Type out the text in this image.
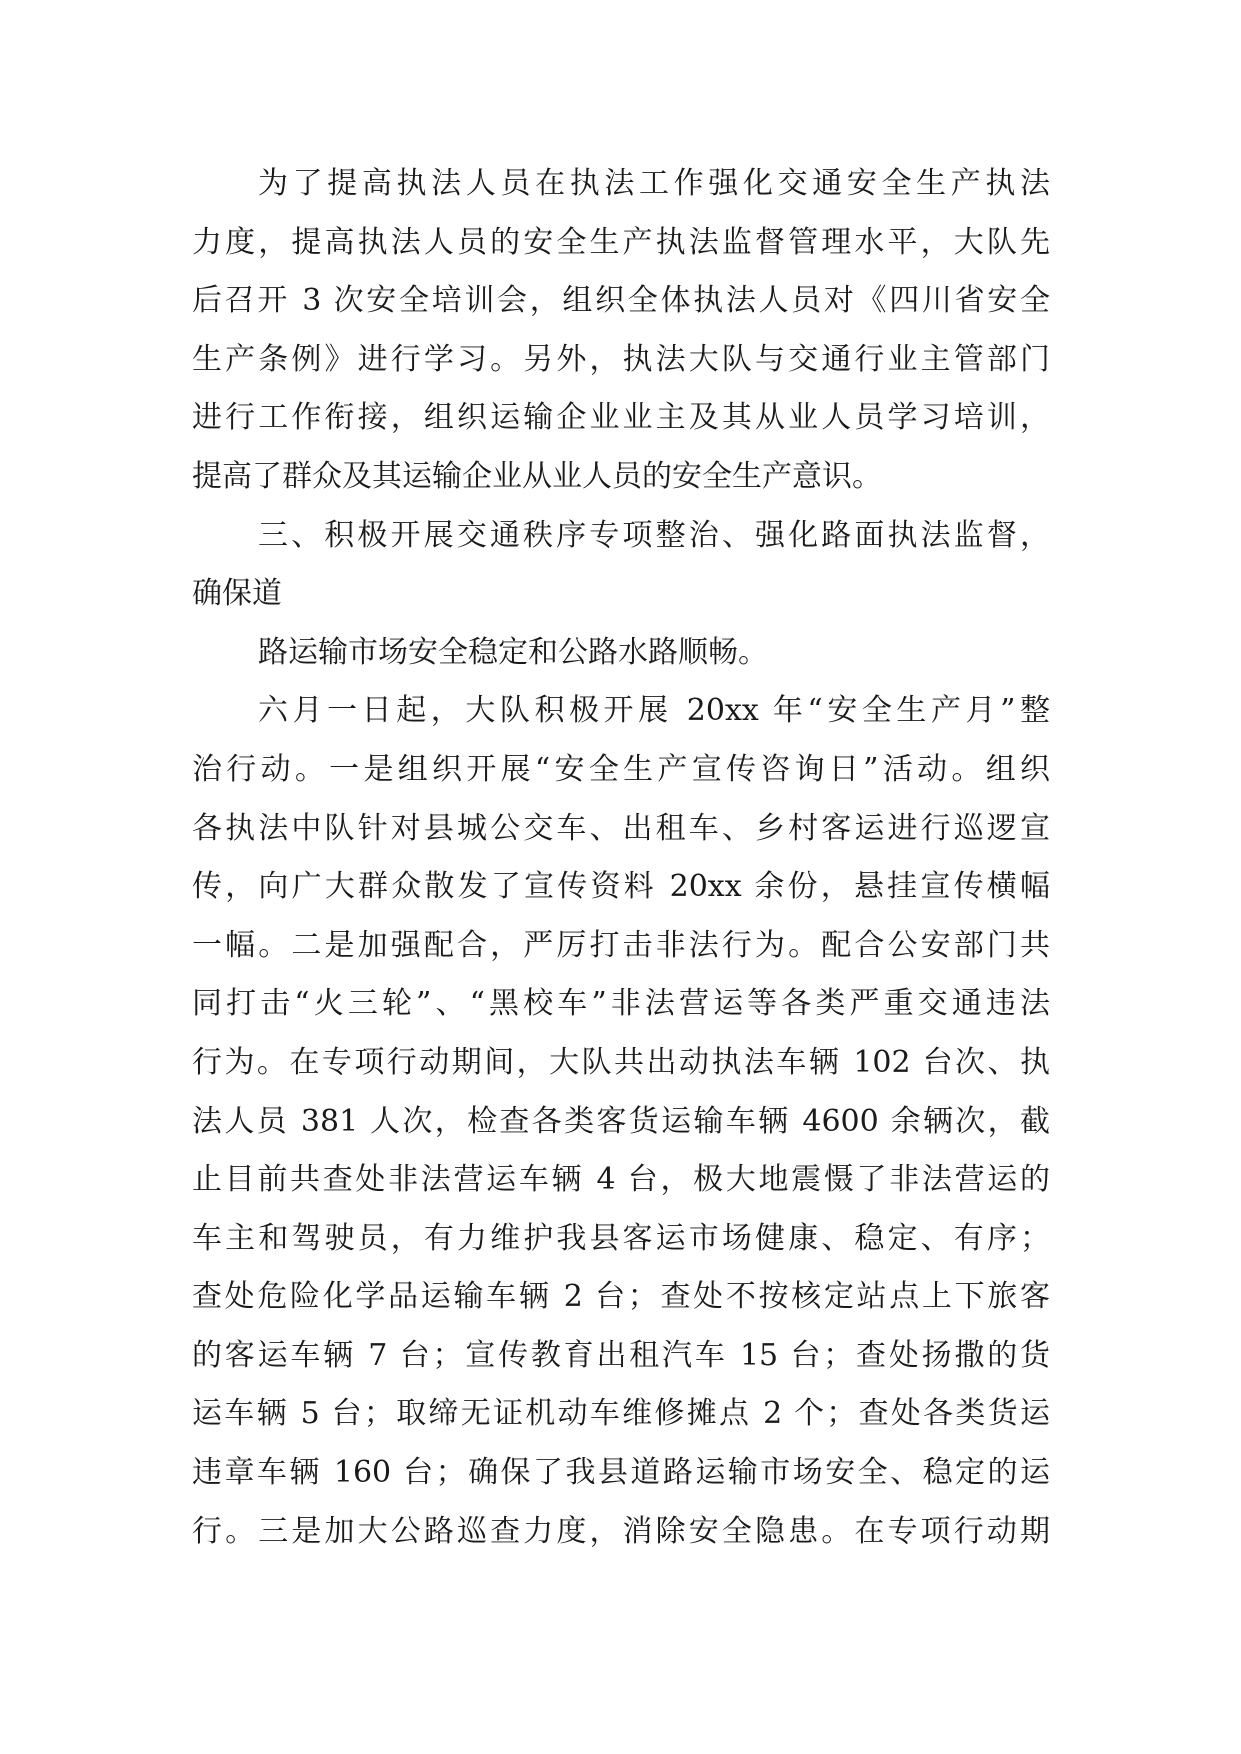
为了提高执法人员在执法工作强化交通安全生产执法
力度，提高执法人员的安全生产执法监督管理水平，大队先
后召开 3 次安全培训会，组织全体执法人员对《四川省安全
生产条例》进行学习。另外，执法大队与交通行业主管部门
进行工作衔接，组织运输企业业主及其从业人员学习培训，
提高了群众及其运输企业从业人员的安全生产意识。
三、积极开展交通秩序专项整治、强化路面执法监督，
确保道
路运输市场安全稳定和公路水路顺畅。
六月一日起，大队积极开展 20xx 年“安全生产月”整
治行动。一是组织开展“安全生产宣传咨询日”活动。组织
各执法中队针对县城公交车、出租车、乡村客运进行巡逻宣
传，向广大群众散发了宣传资料 20xx 余份，悬挂宣传横幅
一幅。二是加强配合，严厉打击非法行为。配合公安部门共
同打击“火三轮”、“黑校车”非法营运等各类严重交通违法
行为。在专项行动期间，大队共出动执法车辆 102 台次、执
法人员 381 人次，检查各类客货运输车辆 4600 余辆次，截
止目前共查处非法营运车辆 4 台，极大地震慑了非法营运的
车主和驾驶员，有力维护我县客运市场健康、稳定、有序；
查处危险化学品运输车辆 2 台；查处不按核定站点上下旅客
的客运车辆 7 台；宣传教育出租汽车 15 台；查处扬撒的货
运车辆 5 台；取缔无证机动车维修摊点 2 个；查处各类货运
违章车辆 160 台；确保了我县道路运输市场安全、稳定的运
行。三是加大公路巡查力度，消除安全隐患。在专项行动期
